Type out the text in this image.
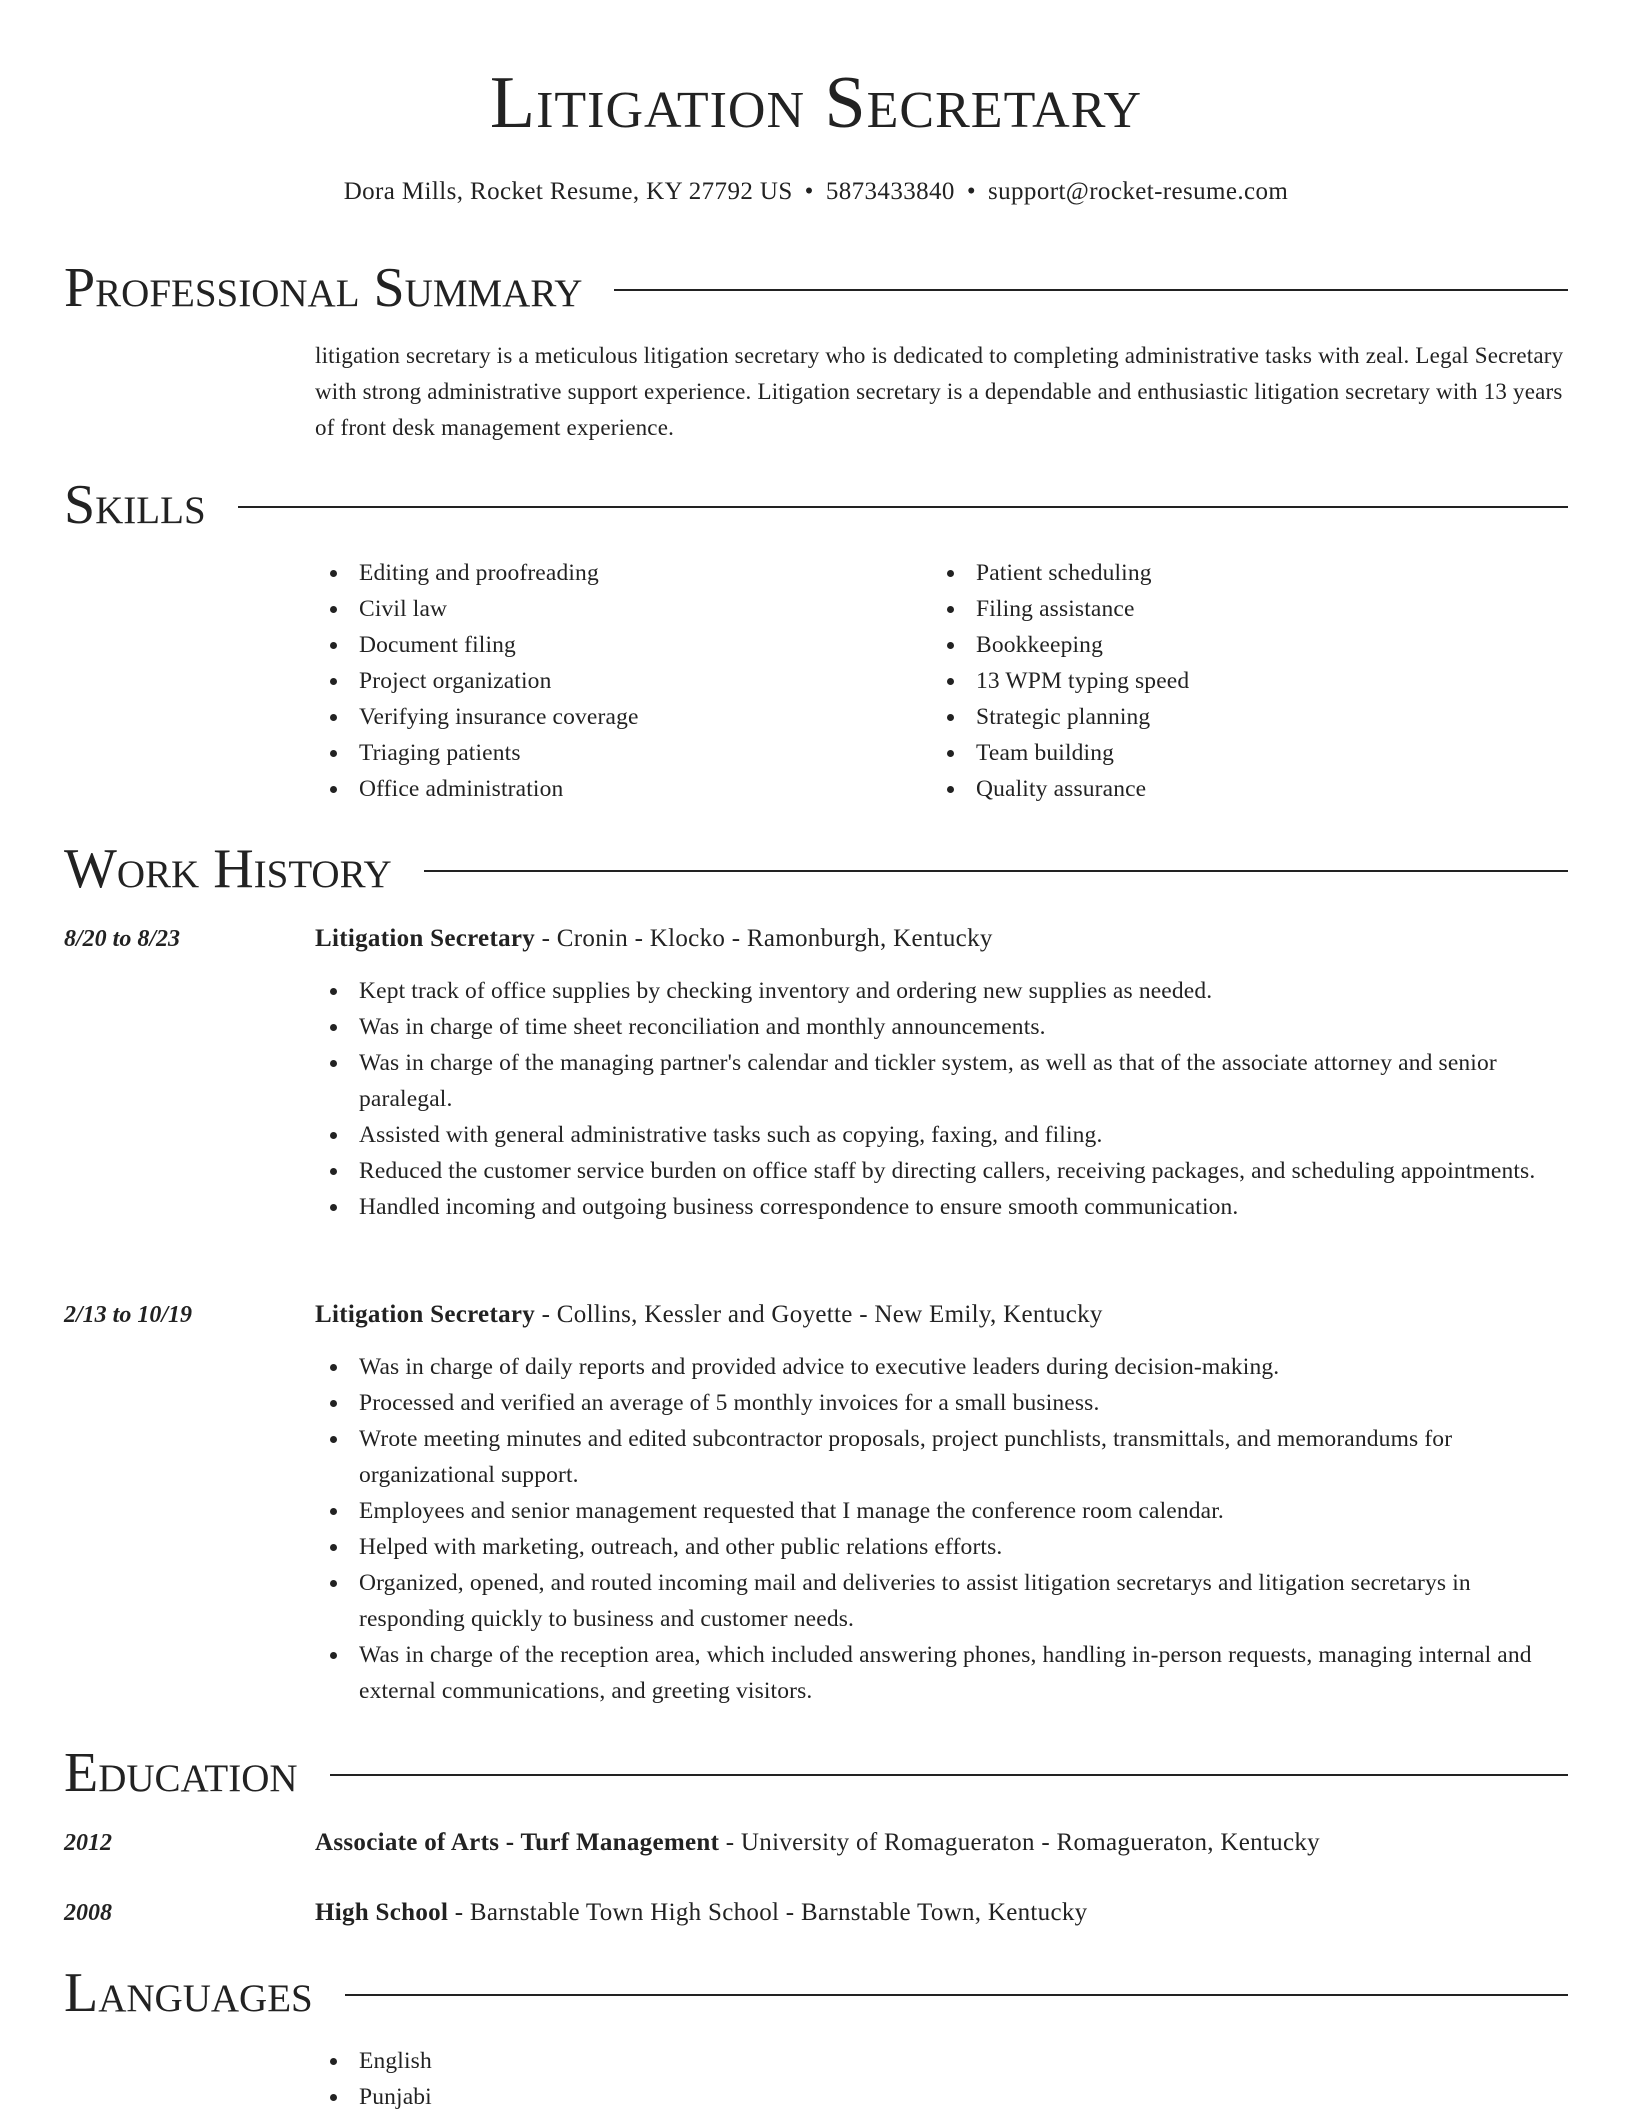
Litigation Secretary
Dora Mills, Rocket Resume, KY 27792 US • 5873433840 • support@rocket-resume.com
Professional Summary

litigation secretary is a meticulous litigation secretary who is dedicated to completing administrative tasks with zeal. Legal Secretary with strong administrative support experience. Litigation secretary is a dependable and enthusiastic litigation secretary with 13 years of front desk management experience.

Skills
Editing and proofreading
Civil law
Document filing
Project organization
Verifying insurance coverage
Triaging patients
Office administration
Patient scheduling
Filing assistance
Bookkeeping
13 WPM typing speed
Strategic planning
Team building
Quality assurance
Work History
8/20 to 8/23	Litigation Secretary - Cronin - Klocko - Ramonburgh, Kentucky
Kept track of office supplies by checking inventory and ordering new supplies as needed.
Was in charge of time sheet reconciliation and monthly announcements.
Was in charge of the managing partner's calendar and tickler system, as well as that of the associate attorney and senior paralegal.
Assisted with general administrative tasks such as copying, faxing, and filing.
Reduced the customer service burden on office staff by directing callers, receiving packages, and scheduling appointments.
Handled incoming and outgoing business correspondence to ensure smooth communication.
2/13 to 10/19	Litigation Secretary - Collins, Kessler and Goyette - New Emily, Kentucky
Was in charge of daily reports and provided advice to executive leaders during decision-making.
Processed and verified an average of 5 monthly invoices for a small business.
Wrote meeting minutes and edited subcontractor proposals, project punchlists, transmittals, and memorandums for organizational support.
Employees and senior management requested that I manage the conference room calendar.
Helped with marketing, outreach, and other public relations efforts.
Organized, opened, and routed incoming mail and deliveries to assist litigation secretarys and litigation secretarys in responding quickly to business and customer needs.
Was in charge of the reception area, which included answering phones, handling in-person requests, managing internal and external communications, and greeting visitors.
Education
2012	Associate of Arts - Turf Management - University of Romagueraton - Romagueraton, Kentucky
2008	High School - Barnstable Town High School - Barnstable Town, Kentucky
Languages
English
Punjabi
